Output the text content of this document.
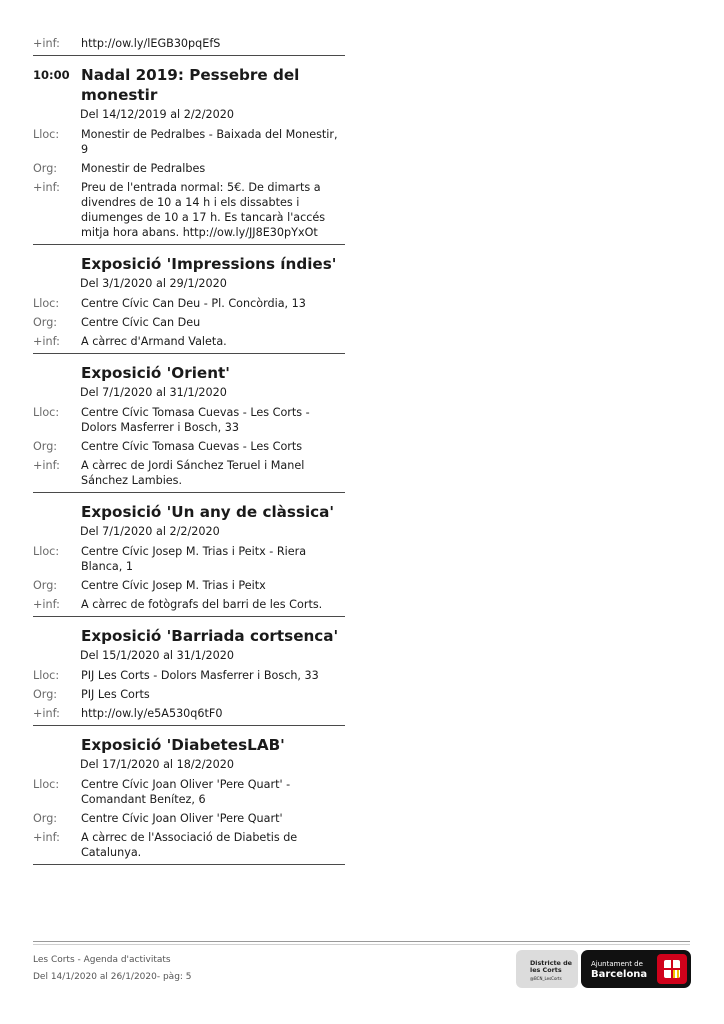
+inf:	http://ow.ly/lEGB30pqEfS
10:00 Nadal 2019: Pessebre del monestir
Del 14/12/2019 al 2/2/2020
Lloc:	Monestir de Pedralbes - Baixada del Monestir, 9
Org:	Monestir de Pedralbes
+inf:	Preu de l'entrada normal: 5€. De dimarts a divendres de 10 a 14 h i els dissabtes i diumenges de 10 a 17 h. Es tancarà l'accés mitja hora abans. http://ow.ly/JJ8E30pYxOt
Exposició 'Impressions índies'
Del 3/1/2020 al 29/1/2020
Lloc:	Centre Cívic Can Deu - Pl. Concòrdia, 13
Org:	Centre Cívic Can Deu
+inf:	A càrrec d'Armand Valeta.
Exposició 'Orient'
Del 7/1/2020 al 31/1/2020
Lloc:	Centre Cívic Tomasa Cuevas - Les Corts - Dolors Masferrer i Bosch, 33
Org:	Centre Cívic Tomasa Cuevas - Les Corts
+inf:	A càrrec de Jordi Sánchez Teruel i Manel Sánchez Lambies.
Exposició 'Un any de clàssica'
Del 7/1/2020 al 2/2/2020
Lloc:	Centre Cívic Josep M. Trias i Peitx - Riera Blanca, 1
Org:	Centre Cívic Josep M. Trias i Peitx
+inf:	A càrrec de fotògrafs del barri de les Corts.
Exposició 'Barriada cortsenca'
Del 15/1/2020 al 31/1/2020
Lloc:	PIJ Les Corts - Dolors Masferrer i Bosch, 33
Org:	PIJ Les Corts
+inf:	http://ow.ly/e5A530q6tF0
Exposició 'DiabetesLAB'
Del 17/1/2020 al 18/2/2020
Lloc:	Centre Cívic Joan Oliver 'Pere Quart' - Comandant Benítez, 6
Org:	Centre Cívic Joan Oliver 'Pere Quart'
+inf:	A càrrec de l'Associació de Diabetis de Catalunya.
Les Corts - Agenda d'activitats
Del 14/1/2020 al 26/1/2020- pàg: 5
Districte de
les Corts
@BCN_LesCorts
Ajuntament de
Barcelona
